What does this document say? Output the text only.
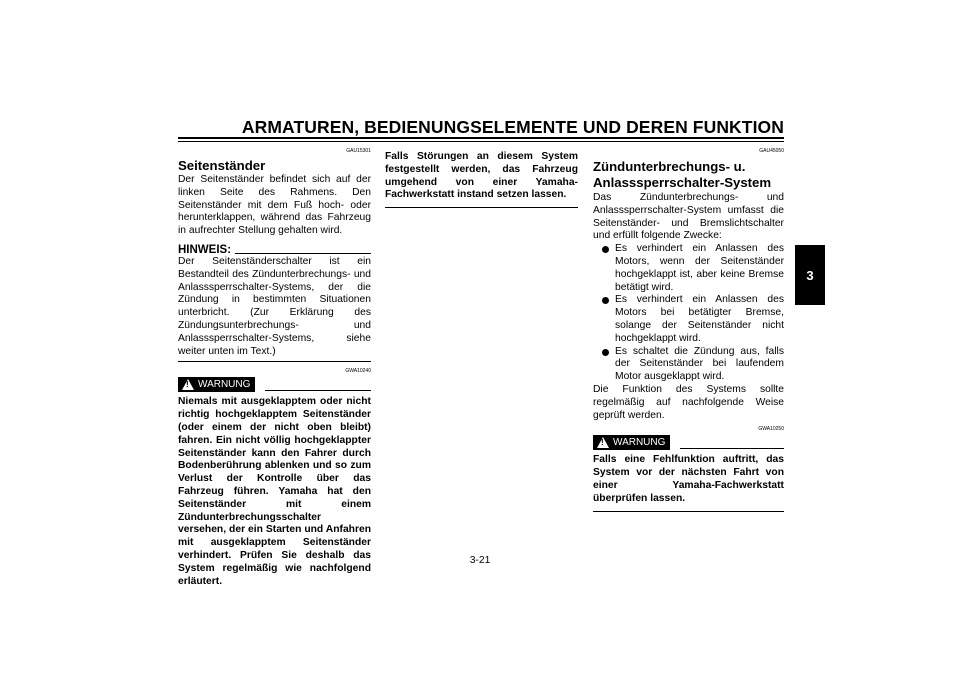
ARMATUREN, BEDIENUNGSELEMENTE UND DEREN FUNKTION
3
GAU15301
Seitenständer

Der Seitenständer befindet sich auf der linken Seite des Rahmens. Den Seitenständer mit dem Fuß hoch- oder herunterklappen, während das Fahrzeug in aufrechter Stellung gehalten wird.

HINWEIS:

Der Seitenständerschalter ist ein Bestandteil des Zündunterbrechungs- und Anlasssperrschalter-Systems, der die Zündung in bestimmten Situationen unterbricht. (Zur Erklärung des Zündungsunterbrechungs- und Anlasssperrschalter-Systems, siehe weiter unten im Text.)

GWA10240
! WARNUNG

Niemals mit ausgeklapptem oder nicht richtig hochgeklapptem Seitenständer (oder einem der nicht oben bleibt) fahren. Ein nicht völlig hochgeklappter Seitenständer kann den Fahrer durch Bodenberührung ablenken und so zum Verlust der Kontrolle über das Fahrzeug führen. Yamaha hat den Seitenständer mit einem Zündunterbrechungsschalter versehen, der ein Starten und Anfahren mit ausgeklapptem Seitenständer verhindert. Prüfen Sie deshalb das System regelmäßig wie nachfolgend erläutert.

Falls Störungen an diesem System festgestellt werden, das Fahrzeug umgehend von einer Yamaha-Fachwerkstatt instand setzen lassen.

GAU45050
Zündunterbrechungs- u. Anlasssperrschalter-System

Das Zündunterbrechungs- und Anlasssperrschalter-System umfasst die Seitenständer- und Bremslichtschalter und erfüllt folgende Zwecke:

Es verhindert ein Anlassen des Motors, wenn der Seitenständer hochgeklappt ist, aber keine Bremse betätigt wird.
Es verhindert ein Anlassen des Motors bei betätigter Bremse, solange der Seitenständer nicht hochgeklappt wird.
Es schaltet die Zündung aus, falls der Seitenständer bei laufendem Motor ausgeklappt wird.

Die Funktion des Systems sollte regelmäßig auf nachfolgende Weise geprüft werden.

GWA10250
! WARNUNG

Falls eine Fehlfunktion auftritt, das System vor der nächsten Fahrt von einer Yamaha-Fachwerkstatt überprüfen lassen.

3-21
